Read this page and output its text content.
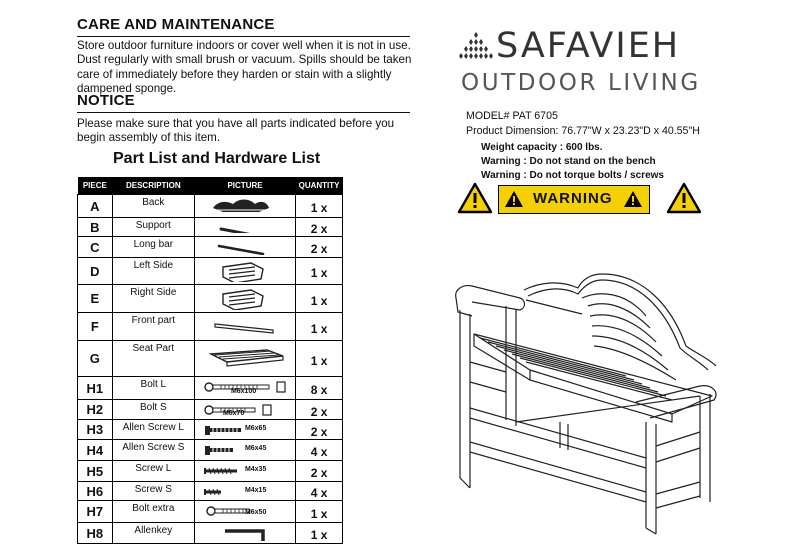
CARE AND MAINTENANCE
Store outdoor furniture indoors or cover well when it is not in use.
Dust regularly with small brush or vacuum. Spills should be taken
care of immediately before they harden or stain with a slightly
dampened sponge.
NOTICE
Please make sure that you have all parts indicated before you
begin assembly of this item.
Part List and Hardware List
PIECE	DESCRIPTION	PICTURE	QUANTITY
A	Back		1 x
B	Support		2 x
C	Long bar		2 x
D	Left Side		1 x
E	Right Side		1 x
F	Front part		1 x
G	Seat Part		1 x
H1	Bolt L	M6x100	8 x
H2	Bolt S	M6x70	2 x
H3	Allen Screw L	M6x65	2 x
H4	Allen Screw S	M6x45	4 x
H5	Screw L	M4x35	2 x
H6	Screw S	M4x15	4 x
H7	Bolt extra	M6x50	1 x
H8	Allenkey		1 x
SAFAVIEH
OUTDOOR LIVING
MODEL# PAT 6705
Product Dimension: 76.77"W x 23.23"D x 40.55"H
Weight capacity : 600 lbs.
Warning : Do not stand on the bench
Warning : Do not torque bolts / screws
WARNING
